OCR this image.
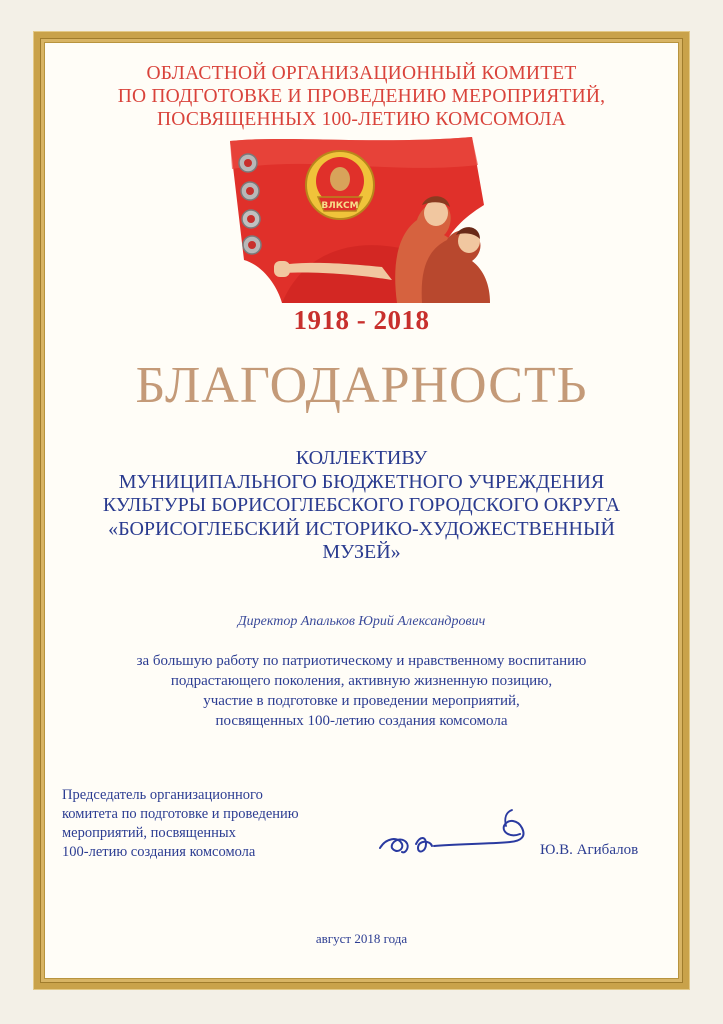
ОБЛАСТНОЙ ОРГАНИЗАЦИОННЫЙ КОМИТЕТ
ПО ПОДГОТОВКЕ И ПРОВЕДЕНИЮ МЕРОПРИЯТИЙ,
ПОСВЯЩЕННЫХ 100-ЛЕТИЮ КОМСОМОЛА
ВЛКСМ
1918 - 2018
БЛАГОДАРНОСТЬ
КОЛЛЕКТИВУ
МУНИЦИПАЛЬНОГО БЮДЖЕТНОГО УЧРЕЖДЕНИЯ
КУЛЬТУРЫ БОРИСОГЛЕБСКОГО ГОРОДСКОГО ОКРУГА
«БОРИСОГЛЕБСКИЙ ИСТОРИКО-ХУДОЖЕСТВЕННЫЙ
МУЗЕЙ»
Директор Апальков Юрий Александрович
за большую работу по патриотическому и нравственному воспитанию
подрастающего поколения, активную жизненную позицию,
участие в подготовке и проведении мероприятий,
посвященных 100-летию создания комсомола
Председатель организационного
комитета по подготовке и проведению
мероприятий, посвященных
100-летию создания комсомола	Ю.В. Агибалов
август 2018 года
